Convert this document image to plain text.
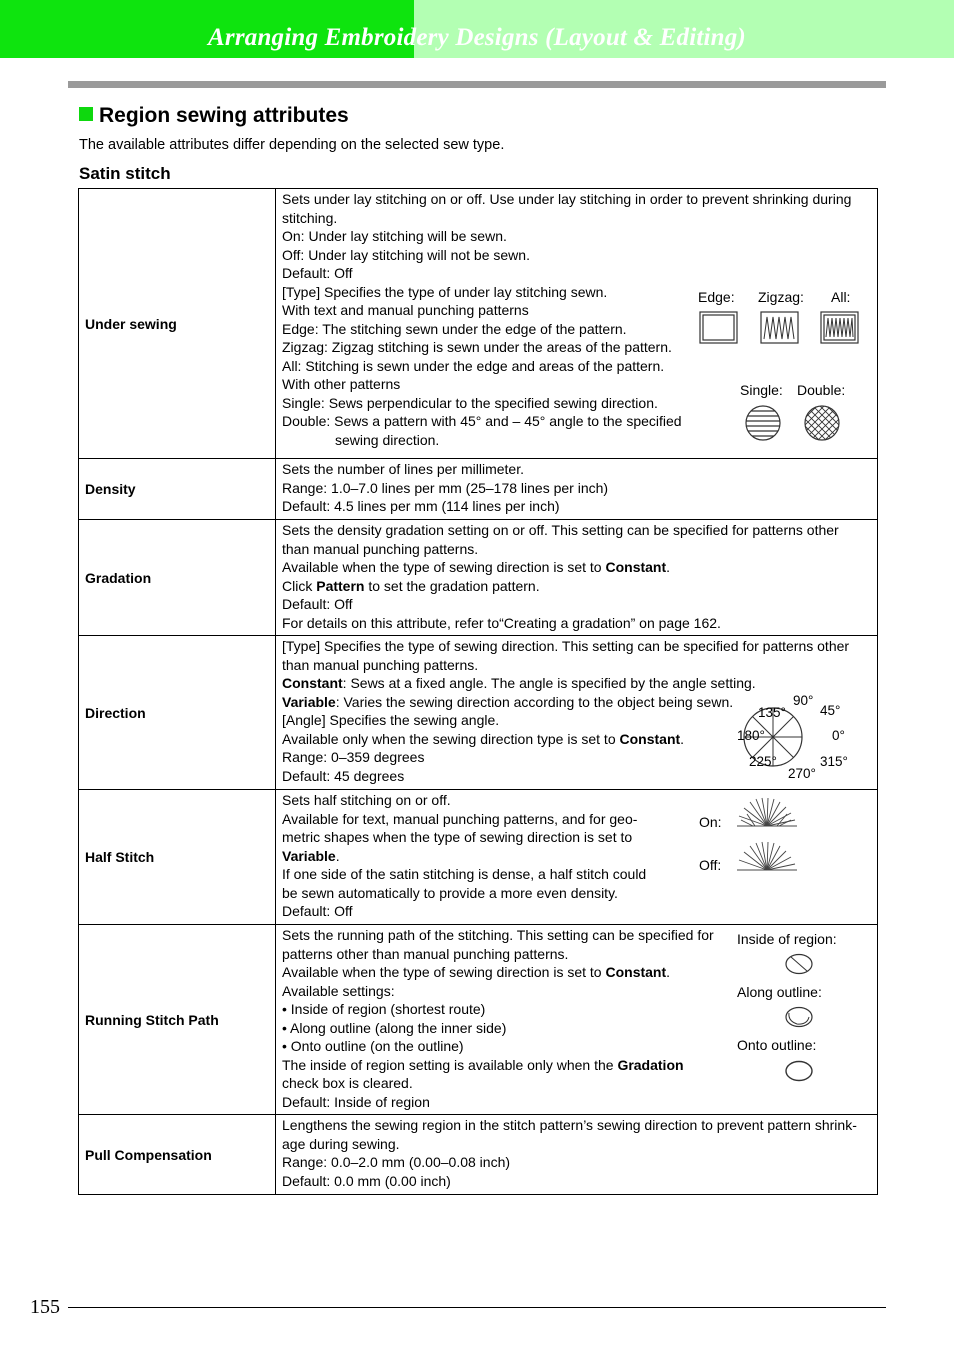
Arranging Embroidery Designs (Layout & Editing)
Region sewing attributes
The available attributes differ depending on the selected sew type.
Satin stitch
Under sewing
Sets under lay stitching on or off. Use under lay stitching in order to prevent shrinking during
stitching.
On: Under lay stitching will be sewn.
Off: Under lay stitching will not be sewn.
Default: Off
[Type] Specifies the type of under lay stitching sewn.
With text and manual punching patterns
Edge: The stitching sewn under the edge of the pattern.
Zigzag: Zigzag stitching is sewn under the areas of the pattern.
All: Stitching is sewn under the edge and areas of the pattern.
With other patterns
Single: Sews perpendicular to the specified sewing direction.
Double: Sews a pattern with 45° and – 45° angle to the specified
sewing direction.
Edge: Zigzag: All:
Single: Double:
Density
Sets the number of lines per millimeter.
Range: 1.0–7.0 lines per mm (25–178 lines per inch)
Default: 4.5 lines per mm (114 lines per inch)
Gradation
Sets the density gradation setting on or off. This setting can be specified for patterns other
than manual punching patterns.
Available when the type of sewing direction is set to Constant.
Click Pattern to set the gradation pattern.
Default: Off
For details on this attribute, refer to“Creating a gradation” on page 162.
Direction
[Type] Specifies the type of sewing direction. This setting can be specified for patterns other
than manual punching patterns.
Constant: Sews at a fixed angle. The angle is specified by the angle setting.
Variable: Varies the sewing direction according to the object being sewn.
[Angle] Specifies the sewing angle.
Available only when the sewing direction type is set to Constant.
Range: 0–359 degrees
Default: 45 degrees
90°
45°
135°
180°	0°
225°	315°
270°
Half Stitch
Sets half stitching on or off.
Available for text, manual punching patterns, and for geo-
metric shapes when the type of sewing direction is set to
Variable.
If one side of the satin stitching is dense, a half stitch could
be sewn automatically to provide a more even density.
Default: Off
On:
Off:
Running Stitch Path
Sets the running path of the stitching. This setting can be specified for
patterns other than manual punching patterns.
Available when the type of sewing direction is set to Constant.
Available settings:
• Inside of region (shortest route)
• Along outline (along the inner side)
• Onto outline (on the outline)
The inside of region setting is available only when the Gradation
check box is cleared.
Default: Inside of region
Inside of region:
Along outline:
Onto outline:
Pull Compensation
Lengthens the sewing region in the stitch pattern’s sewing direction to prevent pattern shrink-
age during sewing.
Range: 0.0–2.0 mm (0.00–0.08 inch)
Default: 0.0 mm (0.00 inch)
155
